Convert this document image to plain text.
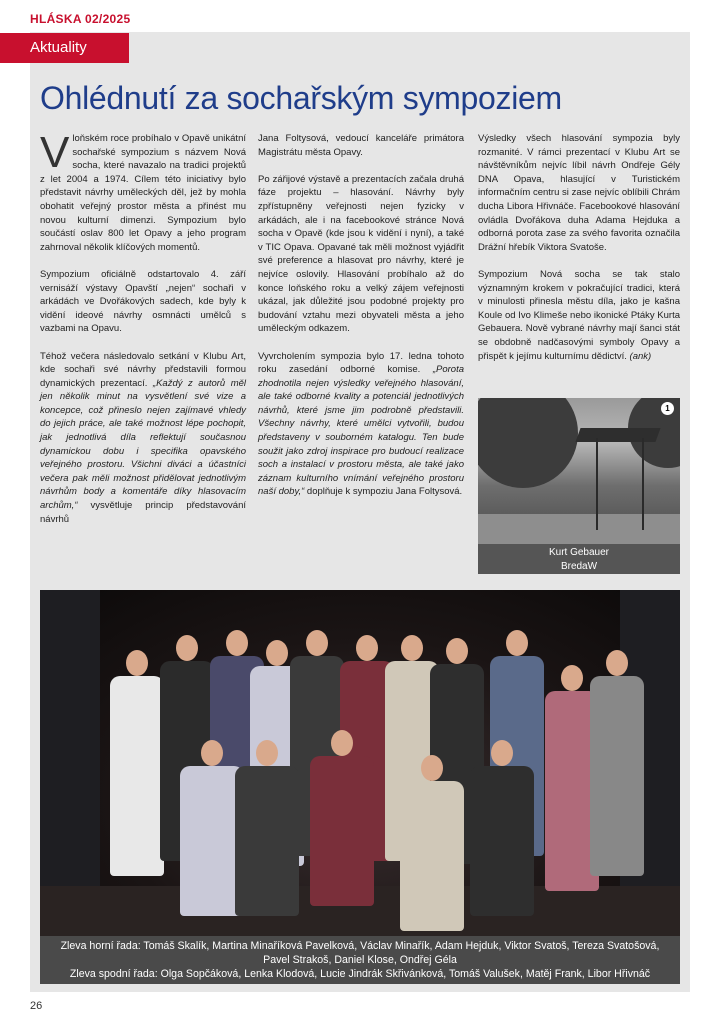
HLÁSKA 02/2025
Aktuality
Ohlédnutí za sochařským sympoziem

Vloňském roce probíhalo v Opavě unikátní sochařské sympozium s názvem Nová socha, které navazalo na tradici projektů z let 2004 a 1974. Cílem této iniciativy bylo představit návrhy uměleckých děl, jež by mohla obohatit veřejný prostor města a přinést mu novou kulturní dimenzi. Sympozium bylo součástí oslav 800 let Opavy a jeho program zahrnoval několik klíčových momentů.

Sympozium oficiálně odstartovalo 4. září vernisáží výstavy Opavští „nejen“ sochaři v arkádách ve Dvořákových sadech, kde byly k vidění ideové návrhy osmnácti umělců s vazbami na Opavu.

Téhož večera následovalo setkání v Klubu Art, kde sochaři své návrhy představili formou dynamických prezentací. „Každý z autorů měl jen několik minut na vysvětlení své vize a koncepce, což přineslo nejen zajímavé vhledy do jejich práce, ale také možnost lépe pochopit, jak jednotlivá díla reflektují současnou dynamickou dobu i specifika opavského veřejného prostoru. Všichni diváci a účastníci večera pak měli možnost přidělovat jednotlivým návrhům body a komentáře díky hlasovacím archům,“ vysvětluje princip představování návrhů

Jana Foltysová, vedoucí kanceláře primátora Magistrátu města Opavy.

Po zářijové výstavě a prezentacích začala druhá fáze projektu – hlasování. Návrhy byly zpřístupněny veřejnosti nejen fyzicky v arkádách, ale i na facebookové stránce Nová socha v Opavě (kde jsou k vidění i nyní), a také v TIC Opava. Opavané tak měli možnost vyjádřit své preference a hlasovat pro návrhy, které je nejvíce oslovily. Hlasování probíhalo až do konce loňského roku a velký zájem veřejnosti ukázal, jak důležité jsou podobné projekty pro budování vztahu mezi obyvateli města a jeho uměleckým odkazem.

Vyvrcholením sympozia bylo 17. ledna tohoto roku zasedání odborné komise. „Porota zhodnotila nejen výsledky veřejného hlasování, ale také odborné kvality a potenciál jednotlivých návrhů, které jsme jim podrobně představili. Všechny návrhy, které umělci vytvořili, budou představeny v souborném katalogu. Ten bude soužit jako zdroj inspirace pro budoucí realizace soch a instalací v prostoru města, ale také jako záznam kulturního vnímání veřejného prostoru naší doby,“ doplňuje k sympoziu Jana Foltysová.

Výsledky všech hlasování sympozia byly rozmanité. V rámci prezentací v Klubu Art se návštěvníkům nejvíc líbil návrh Ondřeje Gély DNA Opava, hlasující v Turistickém informačním centru si zase nejvíc oblíbili Chrám ducha Libora Hřivnáče. Facebookové hlasování ovládla Dvořákova duha Adama Hejduka a odborná porota zase za svého favorita označila Drážní hřebík Viktora Svatoše.

Sympozium Nová socha se tak stalo významným krokem v pokračující tradici, která v minulosti přinesla městu díla, jako je kašna Koule od Ivo Klimeše nebo ikonické Ptáky Kurta Gebauera. Nově vybrané návrhy mají šanci stát se obdobně nadčasovými symboly Opavy a přispět k jejímu kulturnímu dědictví. (ank)

1
Kurt Gebauer
BredaW
Zleva horní řada: Tomáš Skalík, Martina Minaříková Pavelková, Václav Minařík, Adam Hejduk, Viktor Svatoš, Tereza Svatošová,
Pavel Strakoš, Daniel Klose, Ondřej Géla
Zleva spodní řada: Olga Sopčáková, Lenka Klodová, Lucie Jindrák Skřivánková, Tomáš Valušek, Matěj Frank, Libor Hřivnáč
26
